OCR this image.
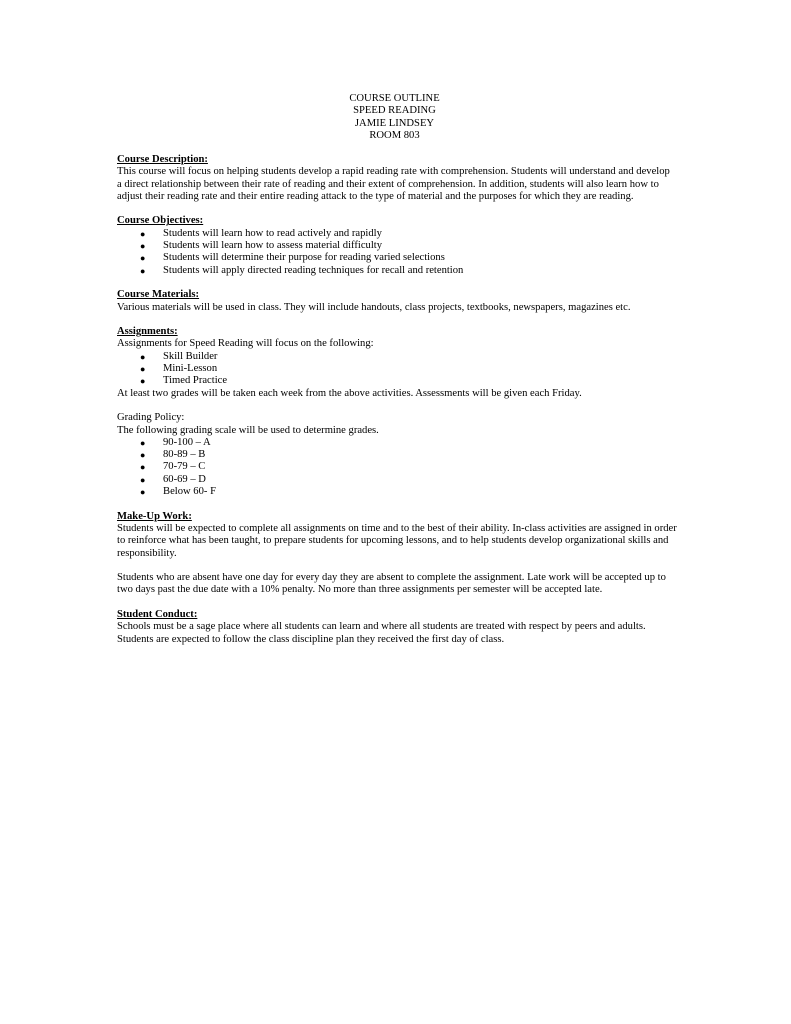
COURSE OUTLINE
SPEED READING
JAMIE LINDSEY
ROOM 803
Course Description:

This course will focus on helping students develop a rapid reading rate with comprehension. Students will understand and develop a direct relationship between their rate of reading and their extent of comprehension. In addition, students will also learn how to adjust their reading rate and their entire reading attack to the type of material and the purposes for which they are reading.

Course Objectives:
● Students will learn how to read actively and rapidly
● Students will learn how to assess material difficulty
● Students will determine their purpose for reading varied selections
● Students will apply directed reading techniques for recall and retention
Course Materials:

Various materials will be used in class. They will include handouts, class projects, textbooks, newspapers, magazines etc.

Assignments:

Assignments for Speed Reading will focus on the following:

● Skill Builder
● Mini-Lesson
● Timed Practice

At least two grades will be taken each week from the above activities. Assessments will be given each Friday.

Grading Policy:

The following grading scale will be used to determine grades.

● 90-100 – A
● 80-89 – B
● 70-79 – C
● 60-69 – D
● Below 60- F
Make-Up Work:

Students will be expected to complete all assignments on time and to the best of their ability. In-class activities are assigned in order to reinforce what has been taught, to prepare students for upcoming lessons, and to help students develop organizational skills and responsibility.

Students who are absent have one day for every day they are absent to complete the assignment. Late work will be accepted up to two days past the due date with a 10% penalty. No more than three assignments per semester will be accepted late.

Student Conduct:

Schools must be a sage place where all students can learn and where all students are treated with respect by peers and adults. Students are expected to follow the class discipline plan they received the first day of class.
